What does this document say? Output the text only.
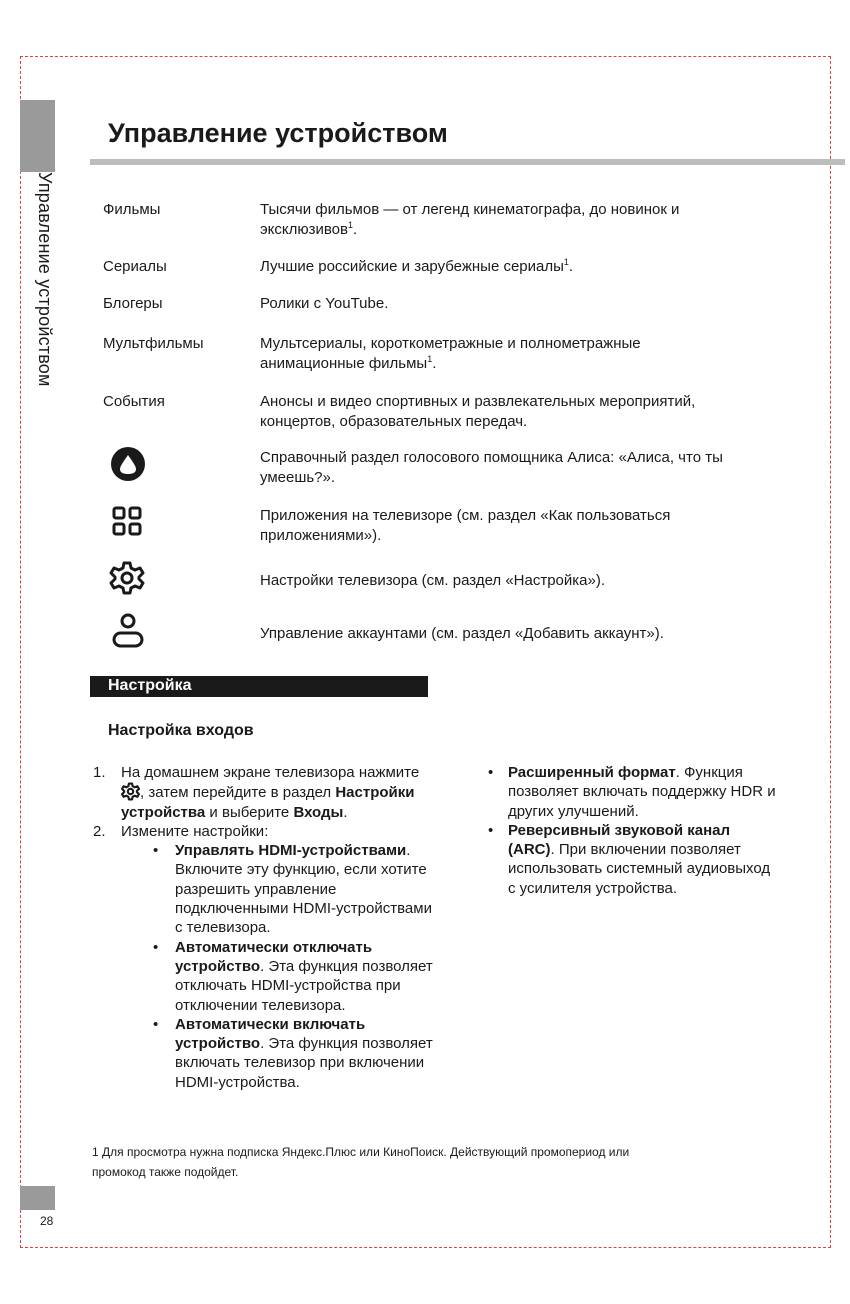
Управление устройством
Управление устройством
Фильмы	Тысячи фильмов — от легенд кинематографа, до новинок и эксклюзивов$^1$.
Сериалы	Лучшие российские и зарубежные сериалы$^1$.
Блогеры	Ролики с YouTube.
Мультфильмы	Мультсериалы, короткометражные и полнометражные анимационные фильмы$^1$.
События	Анонсы и видео спортивных и развлекательных мероприятий, концертов, образовательных передач.
Справочный раздел голосового помощника Алиса: «Алиса, что ты умеешь?».
Приложения на телевизоре (см. раздел «Как пользоваться приложениями»).
Настройки телевизора (см. раздел «Настройка»).
Управление аккаунтами (см. раздел «Добавить аккаунт»).
Настройка
Настройка входов
1. На домашнем экране телевизора нажмите , затем перейдите в раздел Настройки устройства и выберите Входы.
2. Измените настройки:
• Управлять HDMI-устройствами. Включите эту функцию, если хотите разрешить управление подключенными HDMI-устройствами с телевизора.
• Автоматически отключать устройство. Эта функция позволяет отключать HDMI-устройства при отключении телевизора.
• Автоматически включать устройство. Эта функция позволяет включать телевизор при включении HDMI-устройства.
• Расширенный формат. Функция позволяет включать поддержку HDR и других улучшений.
• Реверсивный звуковой канал (ARC). При включении позволяет использовать системный аудиовыход с усилителя устройства.
1 Для просмотра нужна подписка Яндекс.Плюс или КиноПоиск. Действующий промопериод или промокод также подойдет.
28
